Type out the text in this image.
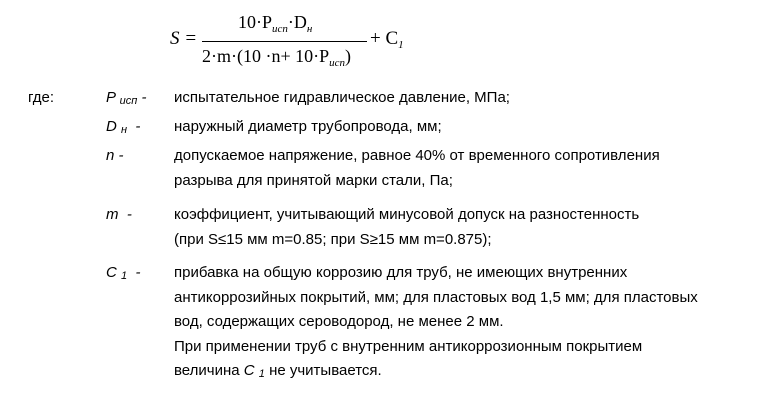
S =
$10\cdot P_{исп}\cdot D_н$
$2\cdot m\cdot(10 \cdot n+ 10\cdot P_{исп})$
+ $C_1$
где:	P $_{исп}$ - испытательное гидравлическое давление, МПа;
D $_н$ - наружный диаметр трубопровода, мм;
n -	допускаемое напряжение, равное 40% от временного сопротивления
разрыва для принятой марки стали, Па;
m -	коэффициент, учитывающий минусовой допуск на разностенность
(при S≤15 мм m=0.85; при S≥15 мм m=0.875);
C $_1$ - прибавка на общую коррозию для труб, не имеющих внутренних
антикоррозийных покрытий, мм; для пластовых вод 1,5 мм; для пластовых
вод, содержащих сероводород, не менее 2 мм.
При применении труб с внутренним антикоррозионным покрытием
величина C $_1$ не учитывается.
